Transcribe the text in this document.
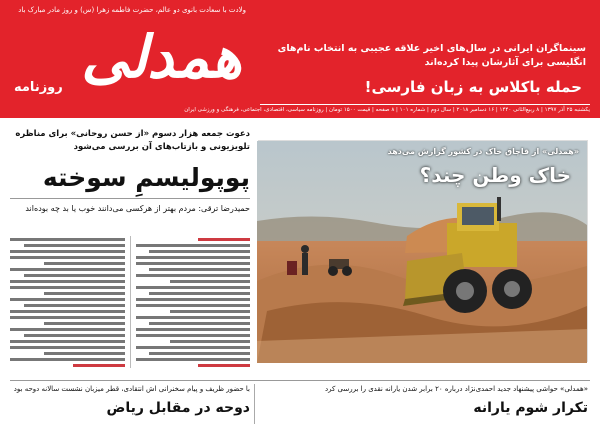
ولادت با سعادت بانوی دو عالم، حضرت فاطمه زهرا (س) و روز مادر مبارک باد
همدلی
روزنامه
سینماگران ایرانی در سال‌های اخیر علاقه عجیبی به انتخاب نام‌های انگلیسی برای آثارشان پیدا کرده‌اند
حمله باکلاس به زبان فارسی!
یکشنبه ۲۵ آذر ۱۳۹۷ | ۸ ربیع‌الثانی ۱۴۴۰ | ۱۶ دسامبر ۲۰۱۸ | سال دوم | شماره ۱۰۱ | ۸ صفحه | قیمت ۱۵۰۰ تومان | روزنامه سیاسی، اقتصادی، اجتماعی، فرهنگی و ورزشی ایران
دعوت جمعه هزار دسوم «از حسن روحانی» برای مناظره تلویزیونی و بازتاب‌های آن بررسی می‌شود
پوپولیسمِ سوخته
حمیدرضا ترقی: مردم بهتر از هرکسی می‌دانند خوب یا بد چه بوده‌اند
«همدلی» از قاچاق خاک در کشور گزارش می‌دهد
خاک وطن چند؟
با حضور ظریف و پیام سخنرانی اش انتقادی، قطر میزبان نشست سالانه دوحه بود
دوحه در مقابل ریاض
«همدلی» حواشی پیشنهاد جدید احمدی‌نژاد درباره ۲۰ برابر شدن یارانه نقدی را بررسی کرد
تکرار شوم یارانه
